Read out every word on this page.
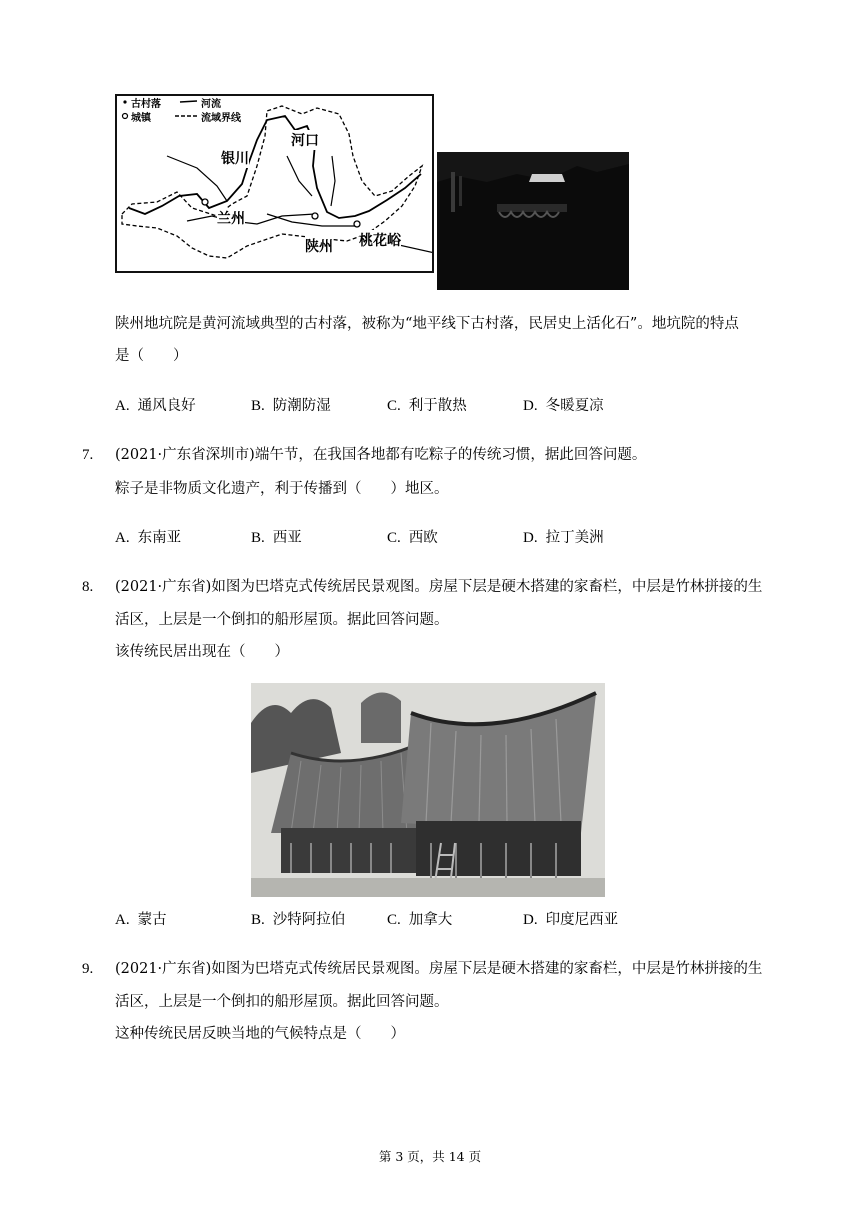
古村落	河流
城镇	流域界线
河口
银川
兰州
陕州 桃花峪
陕州地坑院是黄河流域典型的古村落，被称为“地平线下古村落，民居史上活化石”。地坑院的特点
是（　　）
A. 通风良好	B. 防潮防湿	C. 利于散热	D. 冬暖夏凉
7. (2021·广东省深圳市)端午节，在我国各地都有吃粽子的传统习惯，据此回答问题。
粽子是非物质文化遗产，利于传播到（　　）地区。
A. 东南亚	B. 西亚	C. 西欧	D. 拉丁美洲
8. (2021·广东省)如图为巴塔克式传统居民景观图。房屋下层是硬木搭建的家畜栏，中层是竹林拼接的生
活区，上层是一个倒扣的船形屋顶。据此回答问题。
该传统民居出现在（　　）
A. 蒙古	B. 沙特阿拉伯	C. 加拿大	D. 印度尼西亚
9. (2021·广东省)如图为巴塔克式传统居民景观图。房屋下层是硬木搭建的家畜栏，中层是竹林拼接的生
活区，上层是一个倒扣的船形屋顶。据此回答问题。
这种传统民居反映当地的气候特点是（　　）
第 3 页，共 14 页
